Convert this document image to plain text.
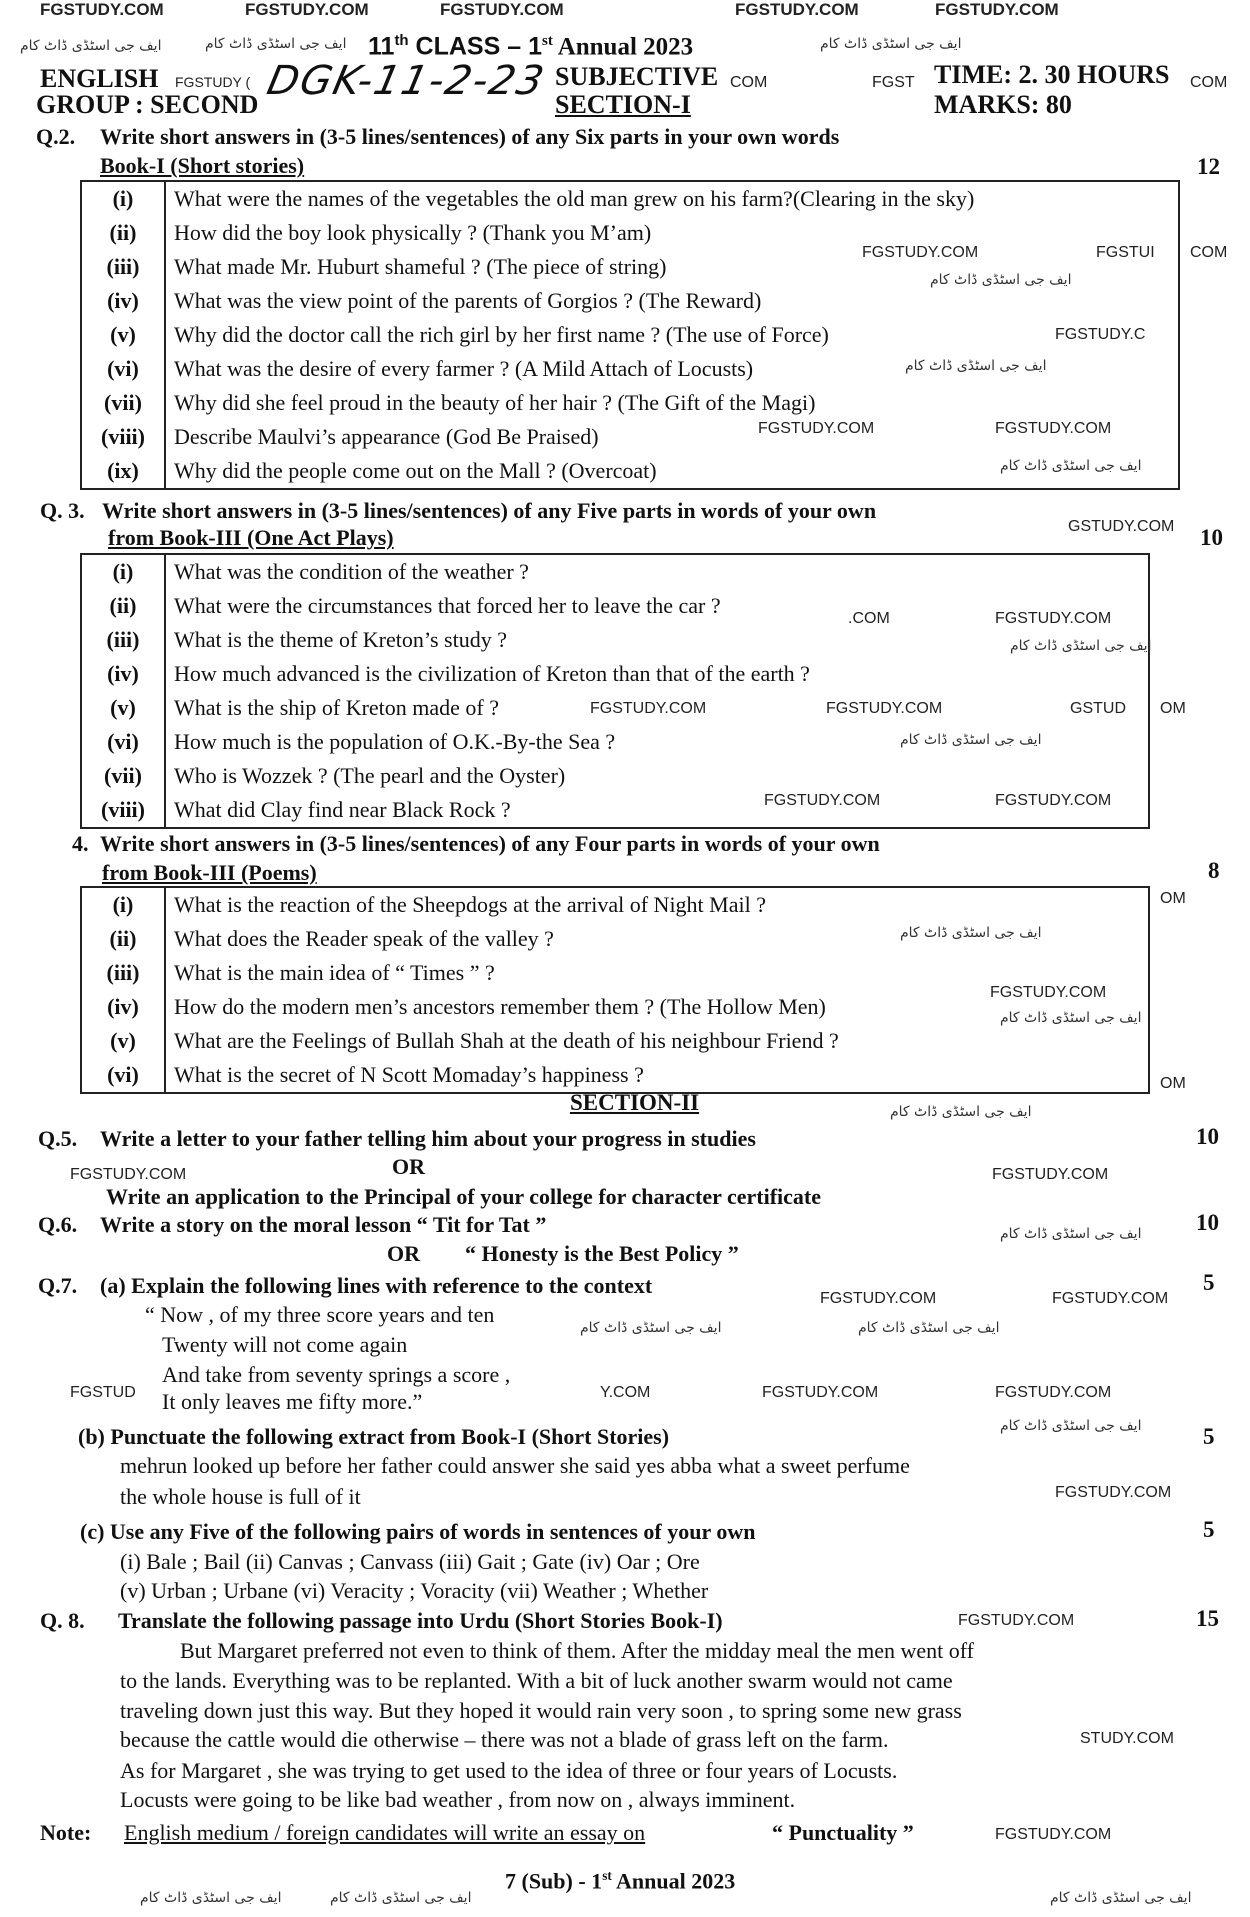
FGSTUDY.COM	FGSTUDY.COM	FGSTUDY.COM	FGSTUDY.COM	FGSTUDY.COM
ایف جی اسٹڈی ڈاٹ کام	ایف جی اسٹڈی ڈاٹ کام	ایف جی اسٹڈی ڈاٹ کام
11th CLASS – 1st Annual 2023
ENGLISH FGSTUDY (
GROUP : SECOND
DGK-11-2-23 SUBJECTIVE COM
SECTION-I
FGST TIME: 2. 30 HOURS COM
MARKS: 80
Q.2. Write short answers in (3-5 lines/sentences) of any Six parts in your own words
Book-I (Short stories)	12
(i)	What were the names of the vegetables the old man grew on his farm?(Clearing in the sky)
(ii)	How did the boy look physically ? (Thank you M’am)
(iii)	What made Mr. Huburt shameful ? (The piece of string)
(iv)	What was the view point of the parents of Gorgios ? (The Reward)
(v)	Why did the doctor call the rich girl by her first name ? (The use of Force)
(vi)	What was the desire of every farmer ? (A Mild Attach of Locusts)
(vii)	Why did she feel proud in the beauty of her hair ? (The Gift of the Magi)
(viii)	Describe Maulvi’s appearance (God Be Praised)
(ix)	Why did the people come out on the Mall ? (Overcoat)
FGSTUDY.COM	FGSTUI COM
ایف جی اسٹڈی ڈاٹ کام
FGSTUDY.C
ایف جی اسٹڈی ڈاٹ کام
FGSTUDY.COM	FGSTUDY.COM
ایف جی اسٹڈی ڈاٹ کام
Q. 3. Write short answers in (3-5 lines/sentences) of any Five parts in words of your own
from Book-III (One Act Plays)	GSTUDY.COM 10
(i)	What was the condition of the weather ?
(ii)	What were the circumstances that forced her to leave the car ?
(iii)	What is the theme of Kreton’s study ?
(iv)	How much advanced is the civilization of Kreton than that of the earth ?
(v)	What is the ship of Kreton made of ?
(vi)	How much is the population of O.K.-By-the Sea ?
(vii)	Who is Wozzek ? (The pearl and the Oyster)
(viii)	What did Clay find near Black Rock ?
.COM	FGSTUDY.COM
ایف جی اسٹڈی ڈاٹ کام
FGSTUDY.COM	FGSTUDY.COM	GSTUD OM
ایف جی اسٹڈی ڈاٹ کام
FGSTUDY.COM	FGSTUDY.COM
4. Write short answers in (3-5 lines/sentences) of any Four parts in words of your own
from Book-III (Poems)	8
(i)	What is the reaction of the Sheepdogs at the arrival of Night Mail ?
(ii)	What does the Reader speak of the valley ?
(iii)	What is the main idea of “ Times ” ?
(iv)	How do the modern men’s ancestors remember them ? (The Hollow Men)
(v)	What are the Feelings of Bullah Shah at the death of his neighbour Friend ?
(vi)	What is the secret of N Scott Momaday’s happiness ?
OM
ایف جی اسٹڈی ڈاٹ کام
FGSTUDY.COM
ایف جی اسٹڈی ڈاٹ کام
OM
SECTION-II	ایف جی اسٹڈی ڈاٹ کام
Q.5. Write a letter to your father telling him about your progress in studies	10
OR
FGSTUDY.COM	FGSTUDY.COM
Write an application to the Principal of your college for character certificate
Q.6. Write a story on the moral lesson “ Tit for Tat ”	ایف جی اسٹڈی ڈاٹ کام 10
OR “ Honesty is the Best Policy ”
Q.7. (a) Explain the following lines with reference to the context	5
FGSTUDY.COM	FGSTUDY.COM
“ Now , of my three score years and ten
Twenty will not come again
And take from seventy springs a score ,
It only leaves me fifty more.”
ایف جی اسٹڈی ڈاٹ کام	ایف جی اسٹڈی ڈاٹ کام
FGSTUD	Y.COM	FGSTUDY.COM	FGSTUDY.COM
(b) Punctuate the following extract from Book-I (Short Stories)	ایف جی اسٹڈی ڈاٹ کام	5
mehrun looked up before her father could answer she said yes abba what a sweet perfume
the whole house is full of it	FGSTUDY.COM
(c) Use any Five of the following pairs of words in sentences of your own	5
(i) Bale ; Bail (ii) Canvas ; Canvass (iii) Gait ; Gate (iv) Oar ; Ore
(v) Urban ; Urbane (vi) Veracity ; Voracity (vii) Weather ; Whether
Q. 8. Translate the following passage into Urdu (Short Stories Book-I)	FGSTUDY.COM	15
But Margaret preferred not even to think of them. After the midday meal the men went off
to the lands. Everything was to be replanted. With a bit of luck another swarm would not came
traveling down just this way. But they hoped it would rain very soon , to spring some new grass
because the cattle would die otherwise – there was not a blade of grass left on the farm.	STUDY.COM
As for Margaret , she was trying to get used to the idea of three or four years of Locusts.
Locusts were going to be like bad weather , from now on , always imminent.
Note: English medium / foreign candidates will write an essay on	“ Punctuality ”	FGSTUDY.COM
7 (Sub) - 1st Annual 2023
ایف جی اسٹڈی ڈاٹ کام	ایف جی اسٹڈی ڈاٹ کام	ایف جی اسٹڈی ڈاٹ کام
